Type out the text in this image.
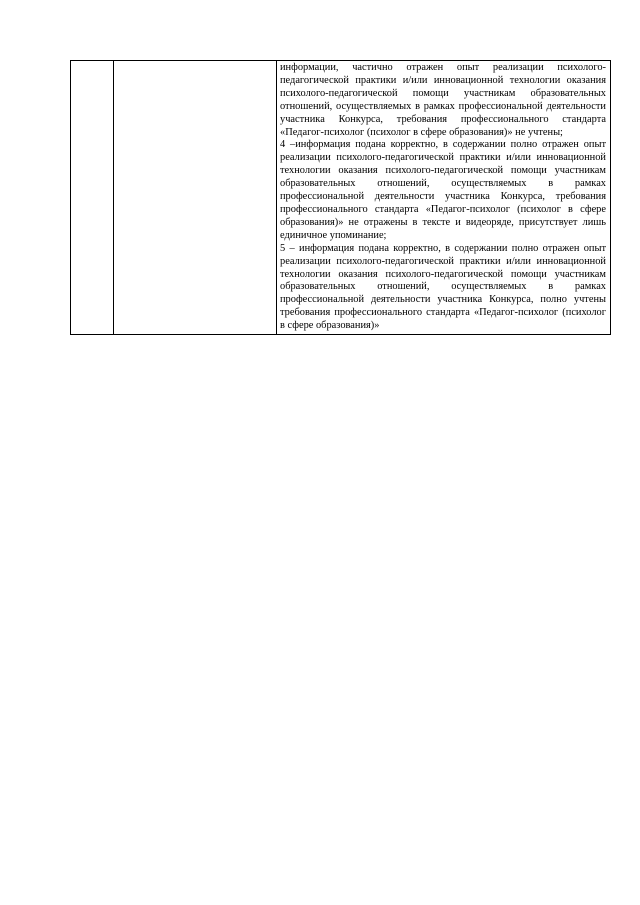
информации, частично отражен опыт реализации психолого-педагогической практики и/или инновационной технологии оказания психолого-педагогической помощи участникам образовательных отношений, осуществляемых в рамках профессиональной деятельности участника Конкурса, требования профессионального стандарта «Педагог-психолог (психолог в сфере образования)» не учтены;

4 –информация подана корректно, в содержании полно отражен опыт реализации психолого-педагогической практики и/или инновационной технологии оказания психолого-педагогической помощи участникам образовательных отношений, осуществляемых в рамках профессиональной деятельности участника Конкурса, требования профессионального стандарта «Педагог-психолог (психолог в сфере образования)» не отражены в тексте и видеоряде, присутствует лишь единичное упоминание;

5 – информация подана корректно, в содержании полно отражен опыт реализации психолого-педагогической практики и/или инновационной технологии оказания психолого-педагогической помощи участникам образовательных отношений, осуществляемых в рамках профессиональной деятельности участника Конкурса, полно учтены требования профессионального стандарта «Педагог-психолог (психолог в сфере образования)»
